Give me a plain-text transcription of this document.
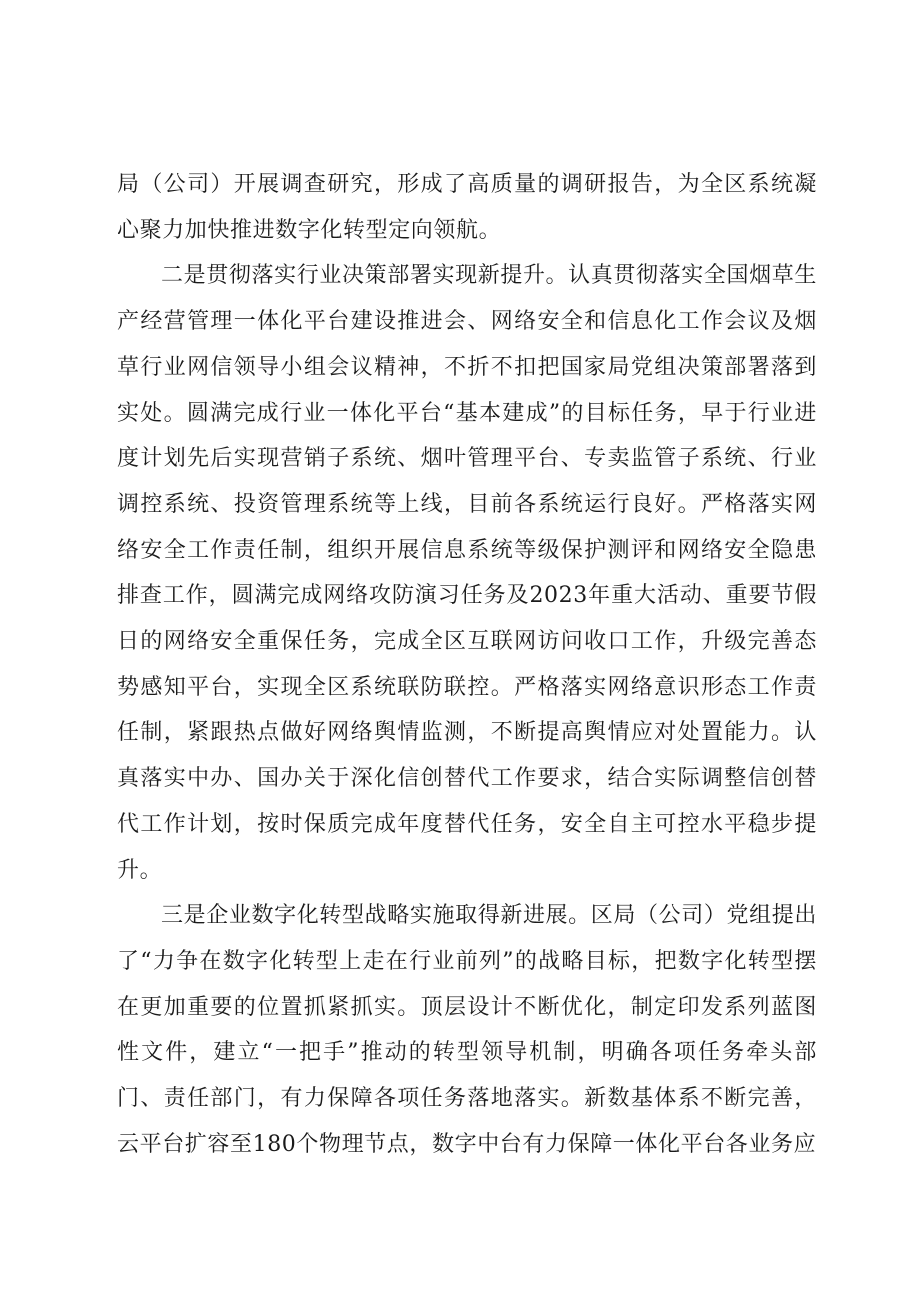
局（公司）开展调查研究，形成了高质量的调研报告，为全区系统凝心聚力加快推进数字化转型定向领航。

二是贯彻落实行业决策部署实现新提升。认真贯彻落实全国烟草生产经营管理一体化平台建设推进会、网络安全和信息化工作会议及烟草行业网信领导小组会议精神，不折不扣把国家局党组决策部署落到实处。圆满完成行业一体化平台“基本建成”的目标任务，早于行业进度计划先后实现营销子系统、烟叶管理平台、专卖监管子系统、行业调控系统、投资管理系统等上线，目前各系统运行良好。严格落实网络安全工作责任制，组织开展信息系统等级保护测评和网络安全隐患排查工作，圆满完成网络攻防演习任务及2023年重大活动、重要节假日的网络安全重保任务，完成全区互联网访问收口工作，升级完善态势感知平台，实现全区系统联防联控。严格落实网络意识形态工作责任制，紧跟热点做好网络舆情监测，不断提高舆情应对处置能力。认真落实中办、国办关于深化信创替代工作要求，结合实际调整信创替代工作计划，按时保质完成年度替代任务，安全自主可控水平稳步提升。

三是企业数字化转型战略实施取得新进展。区局（公司）党组提出了“力争在数字化转型上走在行业前列”的战略目标，把数字化转型摆在更加重要的位置抓紧抓实。顶层设计不断优化，制定印发系列蓝图性文件，建立“一把手”推动的转型领导机制，明确各项任务牵头部门、责任部门，有力保障各项任务落地落实。新数基体系不断完善，云平台扩容至180个物理节点，数字中台有力保障一体化平台各业务应
